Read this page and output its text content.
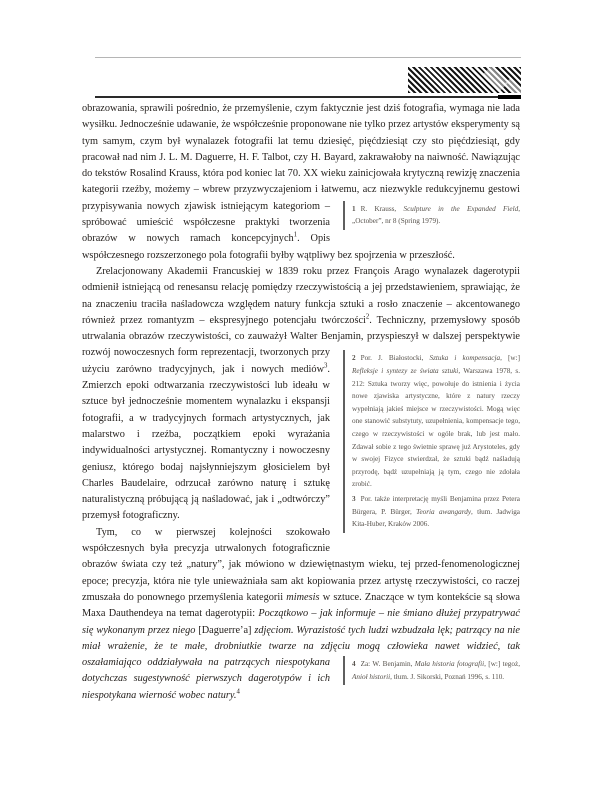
obrazowania, sprawili pośrednio, że przemyślenie, czym faktycznie jest dziś fotografia, wymaga nie lada wysiłku. Jednocześnie udawanie, że współcześnie proponowane nie tylko przez artystów eksperymenty są tym samym, czym był wynalazek fotografii lat temu dziesięć, pięćdziesiąt czy sto pięćdziesiąt, gdy pracował nad nim J. L. M. Daguerre, H. F. Talbot, czy H. Bayard, zakrawałoby na naiwność. Nawiązując do tekstów Rosalind Krauss, która pod koniec lat 70. XX wieku zainicjowała krytyczną rewizję znaczenia kategorii rzeźby, możemy – wbrew przyzwyczajeniom i łatwemu, acz niezwykle redukcyjnemu gestowi przypisywania nowych zjawisk istniejącym kategoriom	1 R. Krauss, Sculpture in the Expanded Field, „October”, nr 8 (Spring 1979).
– spróbować umieścić współczesne praktyki tworzenia obrazów w nowych ramach koncepcyjnych$^1$. Opis współczesnego rozszerzonego pola fotografii byłby wątpliwy bez spojrzenia w przeszłość.

Zrelacjonowany Akademii Francuskiej w 1839 roku przez François Arago wynalazek dagerotypii odmienił istniejącą od renesansu relację pomiędzy rzeczywistością a jej przedstawieniem, sprawiając, że na znaczeniu traciła naśladowcza względem natury funkcja sztuki a rosło znaczenie – akcentowanego również przez romantyzm – ekspresyjnego potencjału twórczości$^2$. Techniczny, przemysłowy sposób utrwalania obrazów rzeczywistości, co zauważył Walter Benjamin, przyspieszył
2 Por. J. Białostocki, Sztuka i kompensacja, [w:] Refleksje i syntezy ze świata sztuki, Warszawa 1978, s. 212: Sztuka tworzy więc, powołuje do istnienia i życia nowe zjawiska artystyczne, które z natury rzeczy wypełniają jakieś miejsce w rzeczywistości. Mogą więc one stanowić substytuty, uzupełnienia, kompensacje tego, czego w rzeczywistości w ogóle brak, lub jest mało. Zdawał sobie z tego świetnie sprawę już Arystoteles, gdy w swojej Fizyce stwierdzał, że sztuki bądź naśladują przyrodę, bądź uzupełniają ją tym, czego nie zdołała zrobić.
3 Por. także interpretację myśli Benjamina przez Petera Bürgera, P. Bürger, Teoria awangardy, tłum. Jadwiga Kita-Huber, Kraków 2006.
w dalszej perspektywie rozwój nowoczesnych form reprezentacji, tworzonych przy użyciu zarówno tradycyjnych, jak i nowych mediów$^3$. Zmierzch epoki odtwarzania rzeczywistości lub ideału w sztuce był jednocześnie momentem wynalazku i ekspansji fotografii, a w tradycyjnych formach artystycznych, jak malarstwo i rzeźba, początkiem epoki wyrażania indywidualności artystycznej. Romantyczny i nowoczesny geniusz, którego bodaj najsłynniejszym głosicielem był Charles Baudelaire, odrzucał zarówno naturę i sztukę naturalistyczną próbującą ją naśladować, jak i „odtwórczy” przemysł fotograficzny.

Tym, co w pierwszej kolejności szokowało współczesnych była precyzja utrwalonych fotograficznie obrazów świata czy też „natury”, jak mówiono w dziewiętnastym wieku, tej przed-fenomenologicznej epoce; precyzja, która nie tyle unieważniała sam akt kopiowania przez artystę rzeczywistości, co raczej zmuszała do ponownego przemyślenia kategorii mimesis w sztuce. Znaczące w tym kontekście są słowa Maxa Dauthendeya na temat dagerotypii: Początkowo – jak informuje – nie śmiano dłużej przypatrywać się wykonanym przez niego [Daguerre’a] zdjęciom. Wyrazistość tych ludzi wzbudzała lęk; patrzący na nie miał wrażenie, że te małe, drobniutkie twarze na zdjęciu mogą człowieka nawet widzieć, tak oszałamiająco oddziaływała na patrzących	4 Za: W. Benjamin, Mała historia fotografii, [w:] tegoż, Anioł historii, tłum. J. Sikorski, Poznań 1996, s. 110.
niespotykana dotychczas sugestywność pierwszych dagerotypów i ich niespotykana wierność wobec natury.$^4$
